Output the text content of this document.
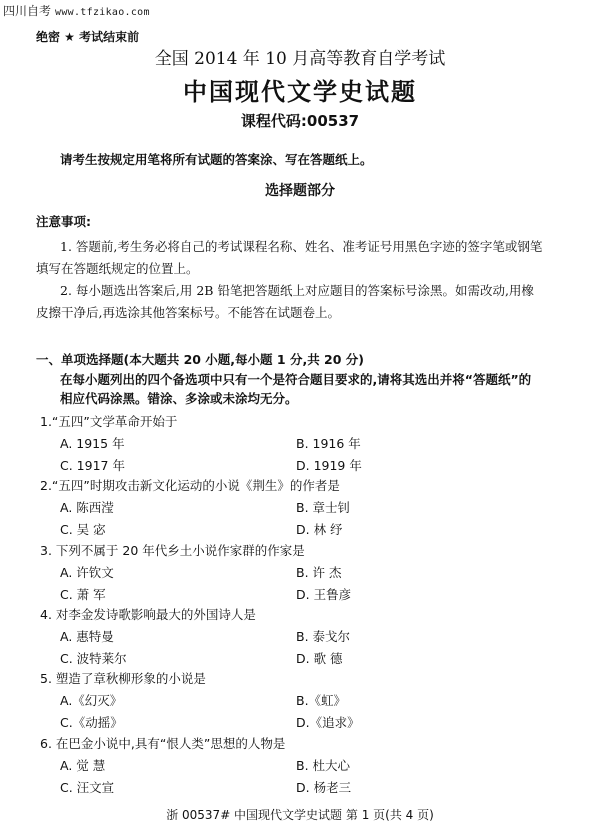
四川自考 www.tfzikao.com
绝密 ★ 考试结束前
全国 2014 年 10 月高等教育自学考试
中国现代文学史试题
课程代码:00537
请考生按规定用笔将所有试题的答案涂、写在答题纸上。
选择题部分
注意事项:
1. 答题前,考生务必将自己的考试课程名称、姓名、准考证号用黑色字迹的签字笔或钢笔
填写在答题纸规定的位置上。
2. 每小题选出答案后,用 2B 铅笔把答题纸上对应题目的答案标号涂黑。如需改动,用橡
皮擦干净后,再选涂其他答案标号。不能答在试题卷上。
一、单项选择题(本大题共 20 小题,每小题 1 分,共 20 分)
在每小题列出的四个备选项中只有一个是符合题目要求的,请将其选出并将“答题纸”的相应代码涂黑。错涂、多涂或未涂均无分。
1.“五四”文学革命开始于
A. 1915 年	B. 1916 年
C. 1917 年	D. 1919 年
2.“五四”时期攻击新文化运动的小说《荆生》的作者是
A. 陈西滢	B. 章士钊
C. 吴 宓	D. 林 纾
3. 下列不属于 20 年代乡土小说作家群的作家是
A. 许钦文	B. 许 杰
C. 萧 军	D. 王鲁彦
4. 对李金发诗歌影响最大的外国诗人是
A. 惠特曼	B. 泰戈尔
C. 波特莱尔	D. 歌 德
5. 塑造了章秋柳形象的小说是
A.《幻灭》	B.《虹》
C.《动摇》	D.《追求》
6. 在巴金小说中,具有“恨人类”思想的人物是
A. 觉 慧	B. 杜大心
C. 汪文宣	D. 杨老三
浙 00537# 中国现代文学史试题 第 1 页(共 4 页)
